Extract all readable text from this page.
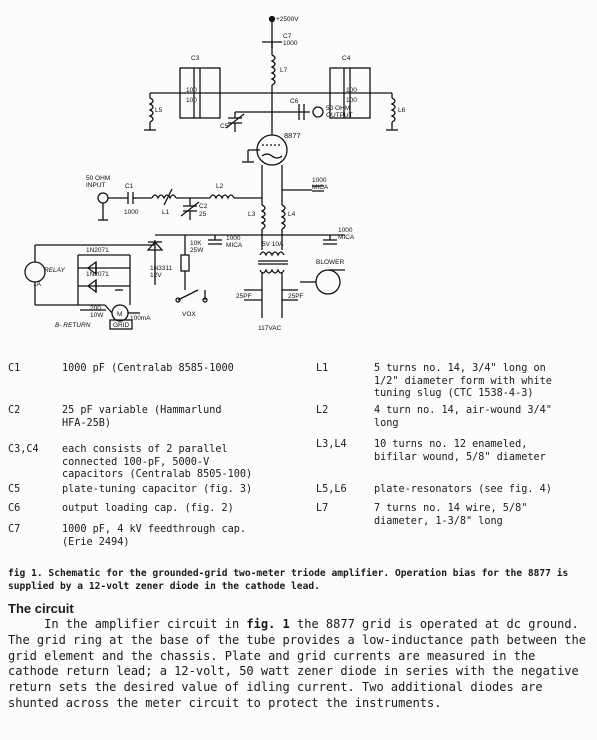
+2500V
C7
1000
L7
C3
100
100
C4
100
100
L5	L6
C5
C6
50 OHM OUTPUT
8877
50 OHM INPUT	C1
1000	L1
L2
C2
25
1000 MICA
1000 MICA
1000 MICA
L3	L4
5V 10A
BLOWER
1N2071
1N2071
1N3311 12V
10K 25W
RELAY
1A
200 10W M
100mA
B- RETURN	GRID
VOX
25PF	25PF
117VAC
C1	1000 pF (Centralab 8585-1000
C2	25 pF variable (Hammarlund
HFA-25B)
C3,C4 each consists of 2 parallel
connected 100-pF, 5000-V
capacitors (Centralab 8505-100)
C5	plate-tuning capacitor (fig. 3)
C6	output loading cap. (fig. 2)
C7	1000 pF, 4 kV feedthrough cap.
(Erie 2494)
L1	5 turns no. 14, 3/4" long on
1/2" diameter form with white
tuning slug (CTC 1538-4-3)
L2	4 turn no. 14, air-wound 3/4"
long
L3,L4	10 turns no. 12 enameled,
bifilar wound, 5/8" diameter
L5,L6	plate-resonators (see fig. 4)
L7	7 turns no. 14 wire, 5/8"
diameter, 1-3/8" long
fig 1. Schematic for the grounded-grid two-meter triode amplifier. Operation bias for the 8877 is supplied by a 12-volt zener diode in the cathode lead.
The circuit
In the amplifier circuit in fig. 1 the 8877 grid is operated at dc ground. The grid ring at the base of the tube provides a low-inductance path between the grid element and the chassis. Plate and grid currents are measured in the cathode return lead; a 12-volt, 50 watt zener diode in series with the negative return sets the desired value of idling current. Two additional diodes are shunted across the meter circuit to protect the instruments.
